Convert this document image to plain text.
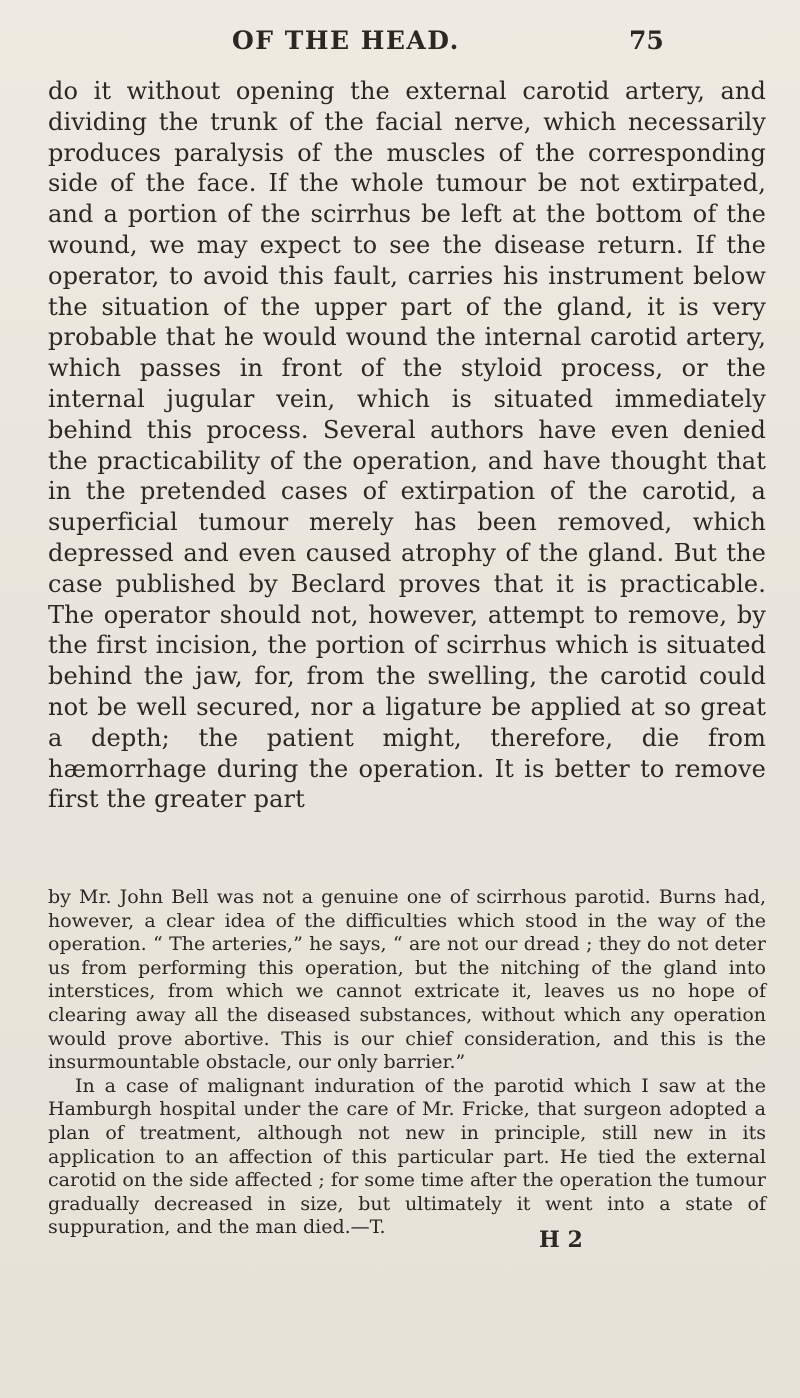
OF THE HEAD.	75

do it without opening the external carotid artery, and dividing the trunk of the facial nerve, which necessarily produces paralysis of the muscles of the corresponding side of the face. If the whole tumour be not extirpated, and a portion of the scirrhus be left at the bottom of the wound, we may expect to see the disease return. If the operator, to avoid this fault, carries his instrument below the situation of the upper part of the gland, it is very probable that he would wound the internal carotid artery, which passes in front of the styloid process, or the internal jugular vein, which is situated immediately behind this process. Several authors have even denied the practicability of the operation, and have thought that in the pretended cases of extirpation of the carotid, a superficial tumour merely has been removed, which depressed and even caused atrophy of the gland. But the case published by Beclard proves that it is practicable. The operator should not, however, attempt to remove, by the first incision, the portion of scirrhus which is situated behind the jaw, for, from the swelling, the carotid could not be well secured, nor a ligature be applied at so great a depth; the patient might, therefore, die from hæmorrhage during the operation. It is better to remove first the greater part

by Mr. John Bell was not a genuine one of scirrhous parotid. Burns had, however, a clear idea of the difficulties which stood in the way of the operation. “ The arteries,” he says, “ are not our dread ; they do not deter us from performing this operation, but the nitching of the gland into interstices, from which we cannot extricate it, leaves us no hope of clearing away all the diseased substances, without which any operation would prove abortive. This is our chief consideration, and this is the insurmountable obstacle, our only barrier.”

In a case of malignant induration of the parotid which I saw at the Hamburgh hospital under the care of Mr. Fricke, that surgeon adopted a plan of treatment, although not new in principle, still new in its application to an affection of this particular part. He tied the external carotid on the side affected ; for some time after the operation the tumour gradually decreased in size, but ultimately it went into a state of suppuration, and the man died.—T.	H 2
